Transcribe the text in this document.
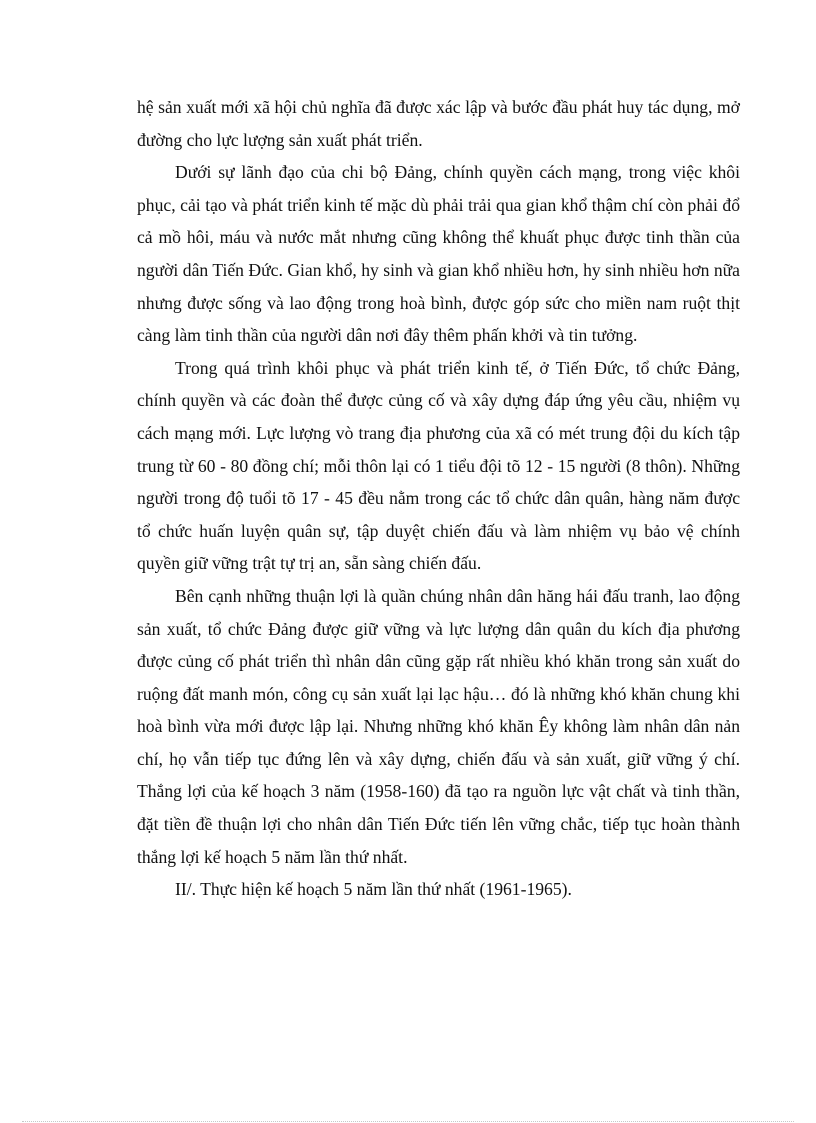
hệ sản xuất mới xã hội chủ nghĩa đã được xác lập và bước đầu phát huy tác dụng, mở đường cho lực lượng sản xuất phát triển.

Dưới sự lãnh đạo của chi bộ Đảng, chính quyền cách mạng, trong việc khôi phục, cải tạo và phát triển kinh tế mặc dù phải trải qua gian khổ thậm chí còn phải đổ cả mồ hôi, máu và nước mắt nhưng cũng không thể khuất phục được tinh thần của người dân Tiến Đức. Gian khổ, hy sinh và gian khổ nhiều hơn, hy sinh nhiều hơn nữa nhưng được sống và lao động trong hoà bình, được góp sức cho miền nam ruột thịt càng làm tinh thần của người dân nơi đây thêm phấn khởi và tin tưởng.

Trong quá trình khôi phục và phát triển kinh tế, ở Tiến Đức, tổ chức Đảng, chính quyền và các đoàn thể được củng cố và xây dựng đáp ứng yêu cầu, nhiệm vụ cách mạng mới. Lực lượng vò trang địa phương của xã có mét trung đội du kích tập trung từ 60 - 80 đồng chí; mỗi thôn lại có 1 tiểu đội tõ 12 - 15 người (8 thôn). Những người trong độ tuổi tõ 17 - 45 đều nằm trong các tổ chức dân quân, hàng năm được tổ chức huấn luyện quân sự, tập duyệt chiến đấu và làm nhiệm vụ bảo vệ chính quyền giữ vững trật tự trị an, sẵn sàng chiến đấu.

Bên cạnh những thuận lợi là quần chúng nhân dân hăng hái đấu tranh, lao động sản xuất, tổ chức Đảng được giữ vững và lực lượng dân quân du kích địa phương được củng cố phát triển thì nhân dân cũng gặp rất nhiều khó khăn trong sản xuất do ruộng đất manh món, công cụ sản xuất lại lạc hậu… đó là những khó khăn chung khi hoà bình vừa mới được lập lại. Nhưng những khó khăn Êy không làm nhân dân nản chí, họ vẫn tiếp tục đứng lên và xây dựng, chiến đấu và sản xuất, giữ vững ý chí. Thắng lợi của kế hoạch 3 năm (1958-160) đã tạo ra nguồn lực vật chất và tinh thần, đặt tiền đề thuận lợi cho nhân dân Tiến Đức tiến lên vững chắc, tiếp tục hoàn thành thắng lợi kế hoạch 5 năm lần thứ nhất.

II/. Thực hiện kế hoạch 5 năm lần thứ nhất (1961-1965).
